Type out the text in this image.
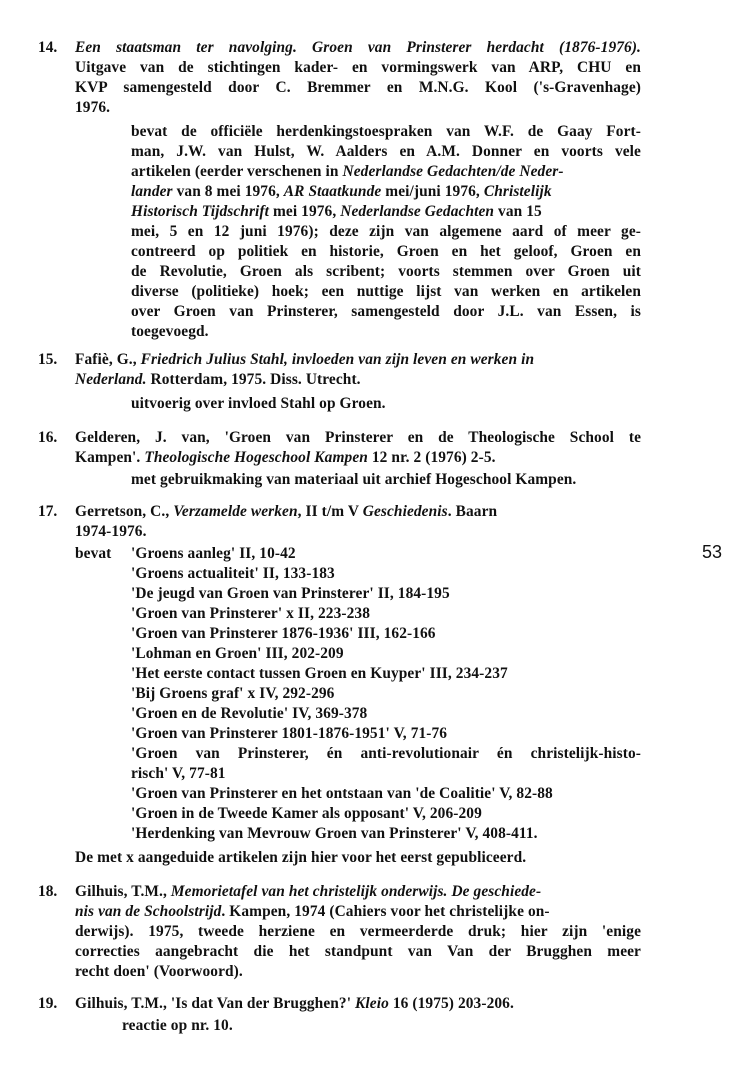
14. Een staatsman ter navolging. Groen van Prinsterer herdacht (1876-1976).
Uitgave van de stichtingen kader- en vormingswerk van ARP, CHU en
KVP samengesteld door C. Bremmer en M.N.G. Kool ('s-Gravenhage)
1976.
bevat de officiële herdenkingstoespraken van W.F. de Gaay Fort-
man, J.W. van Hulst, W. Aalders en A.M. Donner en voorts vele
artikelen (eerder verschenen in Nederlandse Gedachten/de Neder-
lander van 8 mei 1976, AR Staatkunde mei/juni 1976, Christelijk
Historisch Tijdschrift mei 1976, Nederlandse Gedachten van 15
mei, 5 en 12 juni 1976); deze zijn van algemene aard of meer ge-
contreerd op politiek en historie, Groen en het geloof, Groen en
de Revolutie, Groen als scribent; voorts stemmen over Groen uit
diverse (politieke) hoek; een nuttige lijst van werken en artikelen
over Groen van Prinsterer, samengesteld door J.L. van Essen, is
toegevoegd.
15. Fafiè, G., Friedrich Julius Stahl, invloeden van zijn leven en werken in
Nederland. Rotterdam, 1975. Diss. Utrecht.
uitvoerig over invloed Stahl op Groen.
16. Gelderen, J. van, 'Groen van Prinsterer en de Theologische School te
Kampen'. Theologische Hogeschool Kampen 12 nr. 2 (1976) 2-5.
met gebruikmaking van materiaal uit archief Hogeschool Kampen.
17. Gerretson, C., Verzamelde werken, II t/m V Geschiedenis. Baarn
1974-1976.
bevat 'Groens aanleg' II, 10-42
'Groens actualiteit' II, 133-183
'De jeugd van Groen van Prinsterer' II, 184-195
'Groen van Prinsterer' x II, 223-238
'Groen van Prinsterer 1876-1936' III, 162-166
'Lohman en Groen' III, 202-209
'Het eerste contact tussen Groen en Kuyper' III, 234-237
'Bij Groens graf' x IV, 292-296
'Groen en de Revolutie' IV, 369-378
'Groen van Prinsterer 1801-1876-1951' V, 71-76
'Groen van Prinsterer, én anti-revolutionair én christelijk-histo-
risch' V, 77-81
'Groen van Prinsterer en het ontstaan van 'de Coalitie' V, 82-88
'Groen in de Tweede Kamer als opposant' V, 206-209
'Herdenking van Mevrouw Groen van Prinsterer' V, 408-411.
De met x aangeduide artikelen zijn hier voor het eerst gepubliceerd.
53
18. Gilhuis, T.M., Memorietafel van het christelijk onderwijs. De geschiede-
nis van de Schoolstrijd. Kampen, 1974 (Cahiers voor het christelijke on-
derwijs). 1975, tweede herziene en vermeerderde druk; hier zijn 'enige
correcties aangebracht die het standpunt van Van der Brugghen meer
recht doen' (Voorwoord).
19. Gilhuis, T.M., 'Is dat Van der Brugghen?' Kleio 16 (1975) 203-206.
reactie op nr. 10.
